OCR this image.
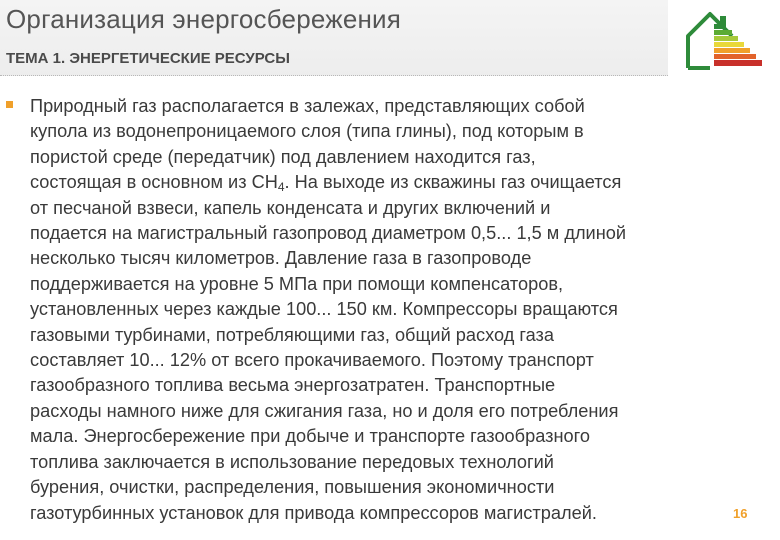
Организация энергосбережения
ТЕМА 1. ЭНЕРГЕТИЧЕСКИЕ РЕСУРСЫ

Природный газ располагается в залежах, представляющих собой
купола из водонепроницаемого слоя (типа глины), под которым в
пористой среде (передатчик) под давлением находится газ,
состоящая в основном из $СН_4$. На выходе из скважины газ очищается
от песчаной взвеси, капель конденсата и других включений и
подается на магистральный газопровод диаметром 0,5... 1,5 м длиной
несколько тысяч километров. Давление газа в газопроводе
поддерживается на уровне 5 МПа при помощи компенсаторов,
установленных через каждые 100... 150 км. Компрессоры вращаются
газовыми турбинами, потребляющими газ, общий расход газа
составляет 10... 12% от всего прокачиваемого. Поэтому транспорт
газообразного топлива весьма энергозатратен. Транспортные
расходы намного ниже для сжигания газа, но и доля его потребления
мала. Энергосбережение при добыче и транспорте газообразного
топлива заключается в использование передовых технологий
бурения, очистки, распределения, повышения экономичности
газотурбинных установок для привода компрессоров магистралей.	16
